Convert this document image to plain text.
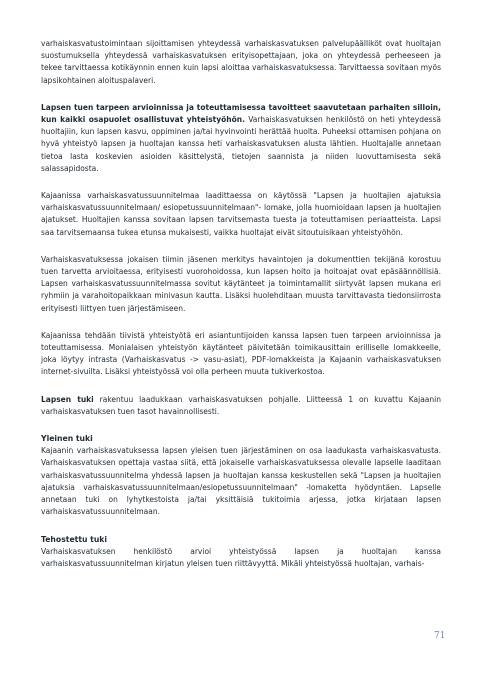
varhaiskasvatustoimintaan sijoittamisen yhteydessä varhaiskasvatuksen palvelupäälliköt ovat huoltajan suostumuksella yhteydessä varhaiskasvatuksen erityisopettajaan, joka on yhteydessä perheeseen ja tekee tarvittaessa kotikäynnin ennen kuin lapsi aloittaa varhaiskasvatuksessa. Tarvittaessa sovitaan myös lapsikohtainen aloituspalaveri.

Lapsen tuen tarpeen arvioinnissa ja toteuttamisessa tavoitteet saavutetaan parhaiten silloin, kun kaikki osapuolet osallistuvat yhteistyöhön. Varhaiskasvatuksen henkilöstö on heti yhteydessä huoltajiin, kun lapsen kasvu, oppiminen ja/tai hyvinvointi herättää huolta. Puheeksi ottamisen pohjana on hyvä yhteistyö lapsen ja huoltajan kanssa heti varhaiskasvatuksen alusta lähtien. Huoltajalle annetaan tietoa lasta koskevien asioiden käsittelystä, tietojen saannista ja niiden luovuttamisesta sekä salassapidosta.

Kajaanissa varhaiskasvatussuunnitelmaa laadittaessa on käytössä "Lapsen ja huoltajien ajatuksia varhaiskasvatussuunnitelmaan/ esiopetussuunnitelmaan"- lomake, jolla huomioidaan lapsen ja huoltajien ajatukset. Huoltajien kanssa sovitaan lapsen tarvitsemasta tuesta ja toteuttamisen periaatteista. Lapsi saa tarvitsemaansa tukea etunsa mukaisesti, vaikka huoltajat eivät sitoutuisikaan yhteistyöhön.

Varhaiskasvatuksessa jokaisen tiimin jäsenen merkitys havaintojen ja dokumenttien tekijänä korostuu tuen tarvetta arvioitaessa, erityisesti vuorohoidossa, kun lapsen hoito ja hoitoajat ovat epäsäännöllisiä. Lapsen varhaiskasvatussuunnitelmassa sovitut käytänteet ja toimintamallit siirtyvät lapsen mukana eri ryhmiin ja varahoitopaikkaan minivasun kautta. Lisäksi huolehditaan muusta tarvittavasta tiedonsiirrosta erityisesti liittyen tuen järjestämiseen.

Kajaanissa tehdään tiivistä yhteistyötä eri asiantuntijoiden kanssa lapsen tuen tarpeen arvioinnissa ja toteuttamisessa. Monialaisen yhteistyön käytänteet päivitetään toimikausittain erilliselle lomakkeelle, joka löytyy intrasta (Varhaiskasvatus -> vasu-asiat), PDF-lomakkeista ja Kajaanin varhaiskasvatuksen internet-sivuilta. Lisäksi yhteistyössä voi olla perheen muuta tukiverkostoa.

Lapsen tuki rakentuu laadukkaan varhaiskasvatuksen pohjalle. Liitteessä 1 on kuvattu Kajaanin varhaiskasvatuksen tuen tasot havainnollisesti.

Yleinen tuki

Kajaanin varhaiskasvatuksessa lapsen yleisen tuen järjestäminen on osa laadukasta varhaiskasvatusta. Varhaiskasvatuksen opettaja vastaa siitä, että jokaiselle varhaiskasvatuksessa olevalle lapselle laaditaan varhaiskasvatussuunnitelma yhdessä lapsen ja huoltajan kanssa keskustellen sekä "Lapsen ja huoltajien ajatuksia varhaiskasvatussuunnitelmaan/esiopetussuunnitelmaan" -lomaketta hyödyntäen. Lapselle annetaan tuki on lyhytkestoista ja/tai yksittäisiä tukitoimia arjessa, jotka kirjataan lapsen varhaiskasvatussuunnitelmaan.

Tehostettu tuki

Varhaiskasvatuksen henkilöstö arvioi yhteistyössä lapsen ja huoltajan kanssa varhaiskasvatussuunnitelman kirjatun yleisen tuen riittävyyttä. Mikäli yhteistyössä huoltajan, varhais-

71
